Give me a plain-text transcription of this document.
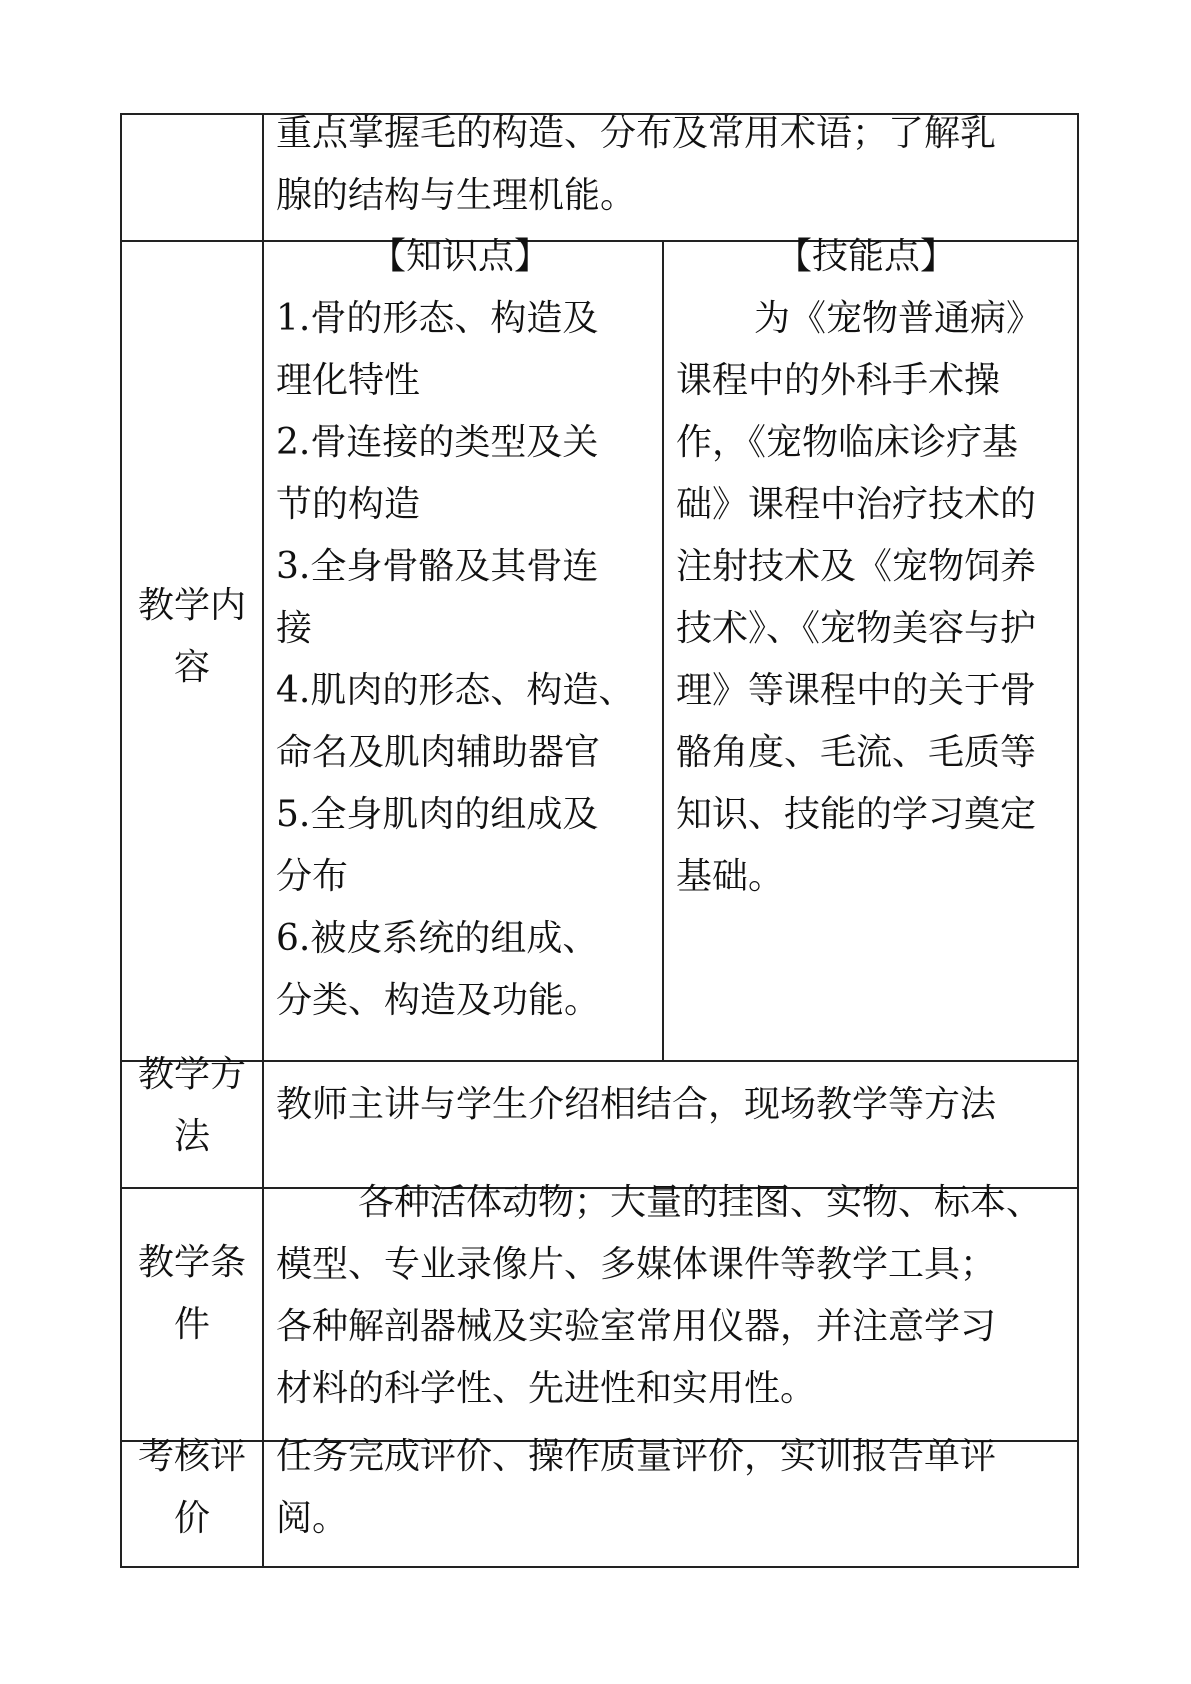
重点掌握毛的构造、分布及常用术语；了解乳
腺的结构与生理机能。
教学内
容
【知识点】
1.骨的形态、构造及
理化特性
2.骨连接的类型及关
节的构造
3.全身骨骼及其骨连
接
4.肌肉的形态、构造、
命名及肌肉辅助器官
5.全身肌肉的组成及
分布
6.被皮系统的组成、
分类、构造及功能。
【技能点】
为《宠物普通病》
课程中的外科手术操
作，《宠物临床诊疗基
础》课程中治疗技术的
注射技术及《宠物饲养
技术》、《宠物美容与护
理》等课程中的关于骨
骼角度、毛流、毛质等
知识、技能的学习奠定
基础。
教学方
法
教师主讲与学生介绍相结合，现场教学等方法
教学条
件
各种活体动物；大量的挂图、实物、标本、
模型、专业录像片、多媒体课件等教学工具；
各种解剖器械及实验室常用仪器，并注意学习
材料的科学性、先进性和实用性。
考核评
价
任务完成评价、操作质量评价，实训报告单评
阅。
